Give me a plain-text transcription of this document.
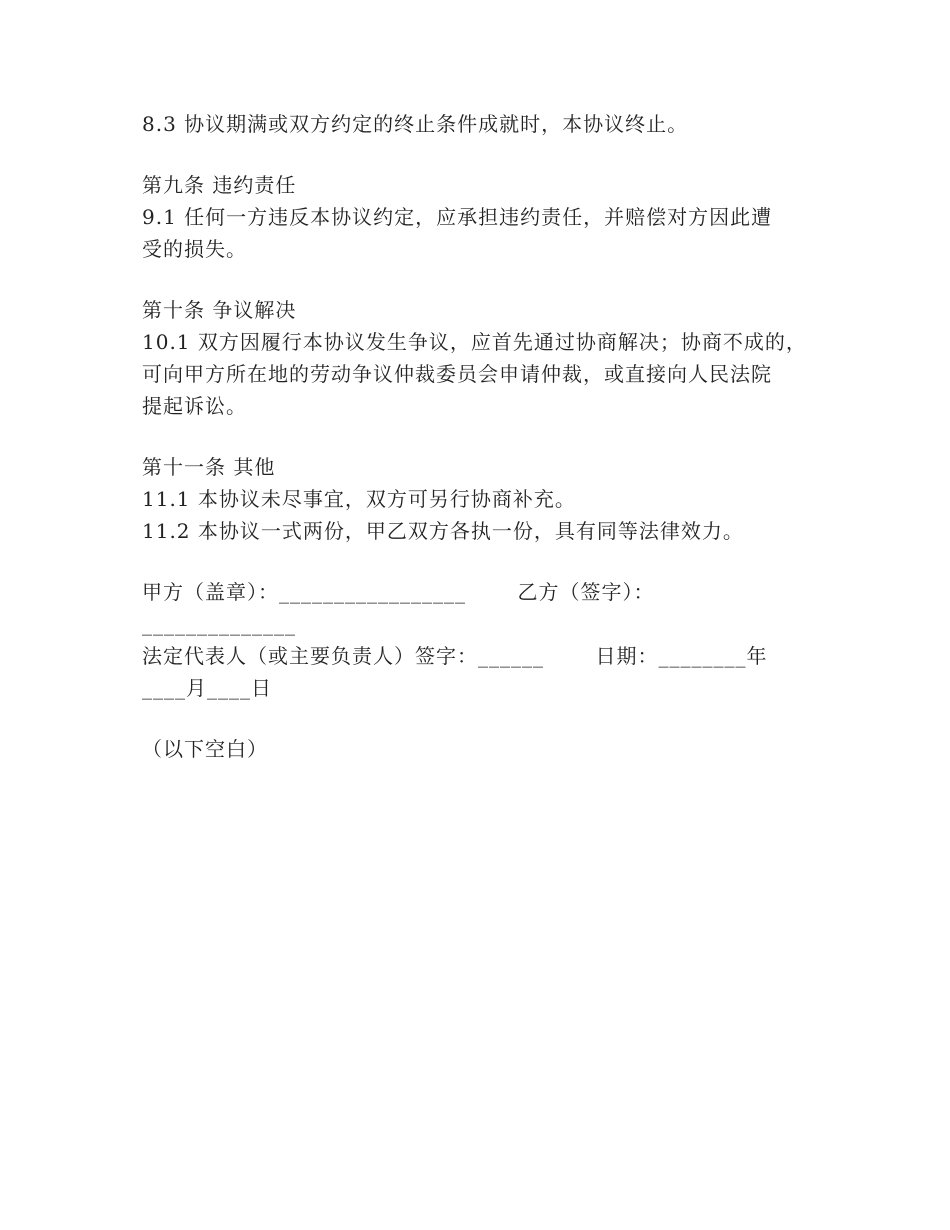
8.3 协议期满或双方约定的终止条件成就时，本协议终止。
第九条 违约责任
9.1 任何一方违反本协议约定，应承担违约责任，并赔偿对方因此遭
受的损失。
第十条 争议解决
10.1 双方因履行本协议发生争议，应首先通过协商解决；协商不成的，
可向甲方所在地的劳动争议仲裁委员会申请仲裁，或直接向人民法院
提起诉讼。
第十一条 其他
11.1 本协议未尽事宜，双方可另行协商补充。
11.2 本协议一式两份，甲乙双方各执一份，具有同等法律效力。
甲方（盖章）：_________________       乙方（签字）：
______________
法定代表人（或主要负责人）签字：______       日期：________年
____月____日
（以下空白）
